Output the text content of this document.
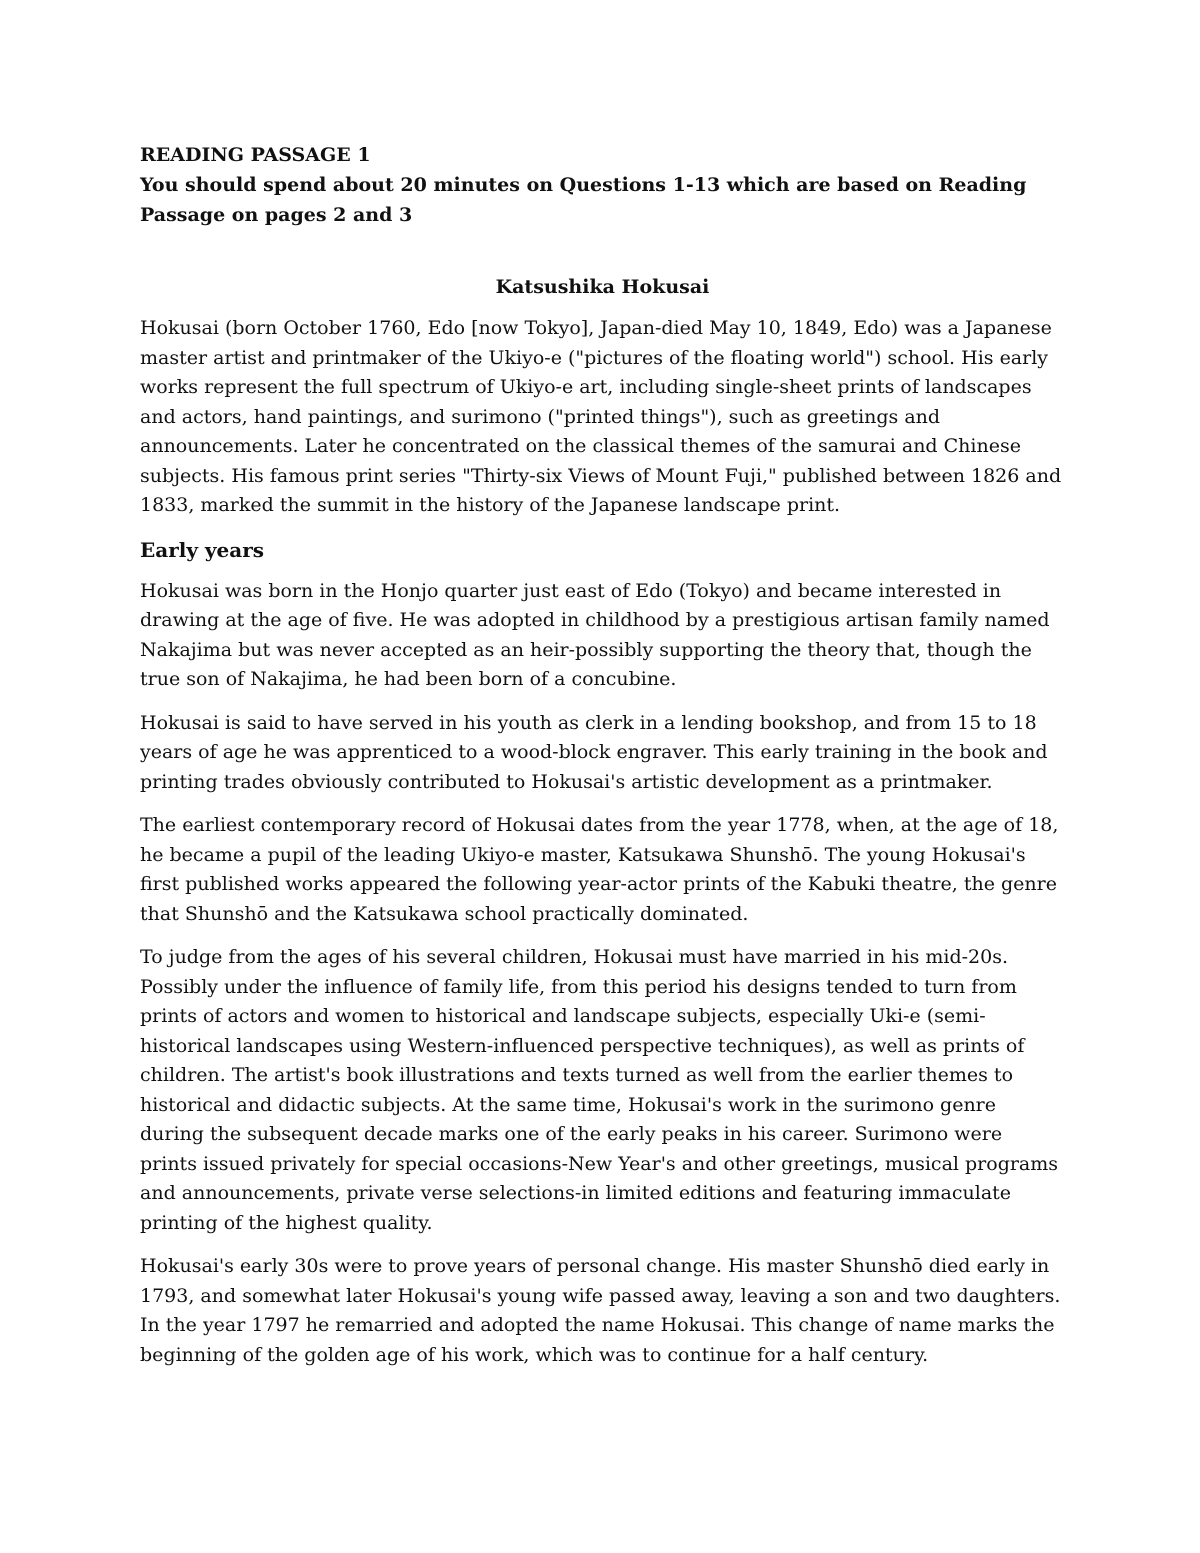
READING PASSAGE 1

You should spend about 20 minutes on Questions 1-13 which are based on Reading Passage on pages 2 and 3

Katsushika Hokusai

Hokusai (born October 1760, Edo [now Tokyo], Japan-died May 10, 1849, Edo) was a Japanese master artist and printmaker of the Ukiyo-e ("pictures of the floating world") school. His early works represent the full spectrum of Ukiyo-e art, including single-sheet prints of landscapes and actors, hand paintings, and surimono ("printed things"), such as greetings and announcements. Later he concentrated on the classical themes of the samurai and Chinese subjects. His famous print series "Thirty-six Views of Mount Fuji," published between 1826 and 1833, marked the summit in the history of the Japanese landscape print.

Early years

Hokusai was born in the Honjo quarter just east of Edo (Tokyo) and became interested in drawing at the age of five. He was adopted in childhood by a prestigious artisan family named Nakajima but was never accepted as an heir-possibly supporting the theory that, though the true son of Nakajima, he had been born of a concubine.

Hokusai is said to have served in his youth as clerk in a lending bookshop, and from 15 to 18 years of age he was apprenticed to a wood-block engraver. This early training in the book and printing trades obviously contributed to Hokusai's artistic development as a printmaker.

The earliest contemporary record of Hokusai dates from the year 1778, when, at the age of 18, he became a pupil of the leading Ukiyo-e master, Katsukawa Shunshō. The young Hokusai's first published works appeared the following year-actor prints of the Kabuki theatre, the genre that Shunshō and the Katsukawa school practically dominated.

To judge from the ages of his several children, Hokusai must have married in his mid-20s. Possibly under the influence of family life, from this period his designs tended to turn from prints of actors and women to historical and landscape subjects, especially Uki-e (semi-historical landscapes using Western-influenced perspective techniques), as well as prints of children. The artist's book illustrations and texts turned as well from the earlier themes to historical and didactic subjects. At the same time, Hokusai's work in the surimono genre during the subsequent decade marks one of the early peaks in his career. Surimono were prints issued privately for special occasions-New Year's and other greetings, musical programs and announcements, private verse selections-in limited editions and featuring immaculate printing of the highest quality.

Hokusai's early 30s were to prove years of personal change. His master Shunshō died early in 1793, and somewhat later Hokusai's young wife passed away, leaving a son and two daughters. In the year 1797 he remarried and adopted the name Hokusai. This change of name marks the beginning of the golden age of his work, which was to continue for a half century.
